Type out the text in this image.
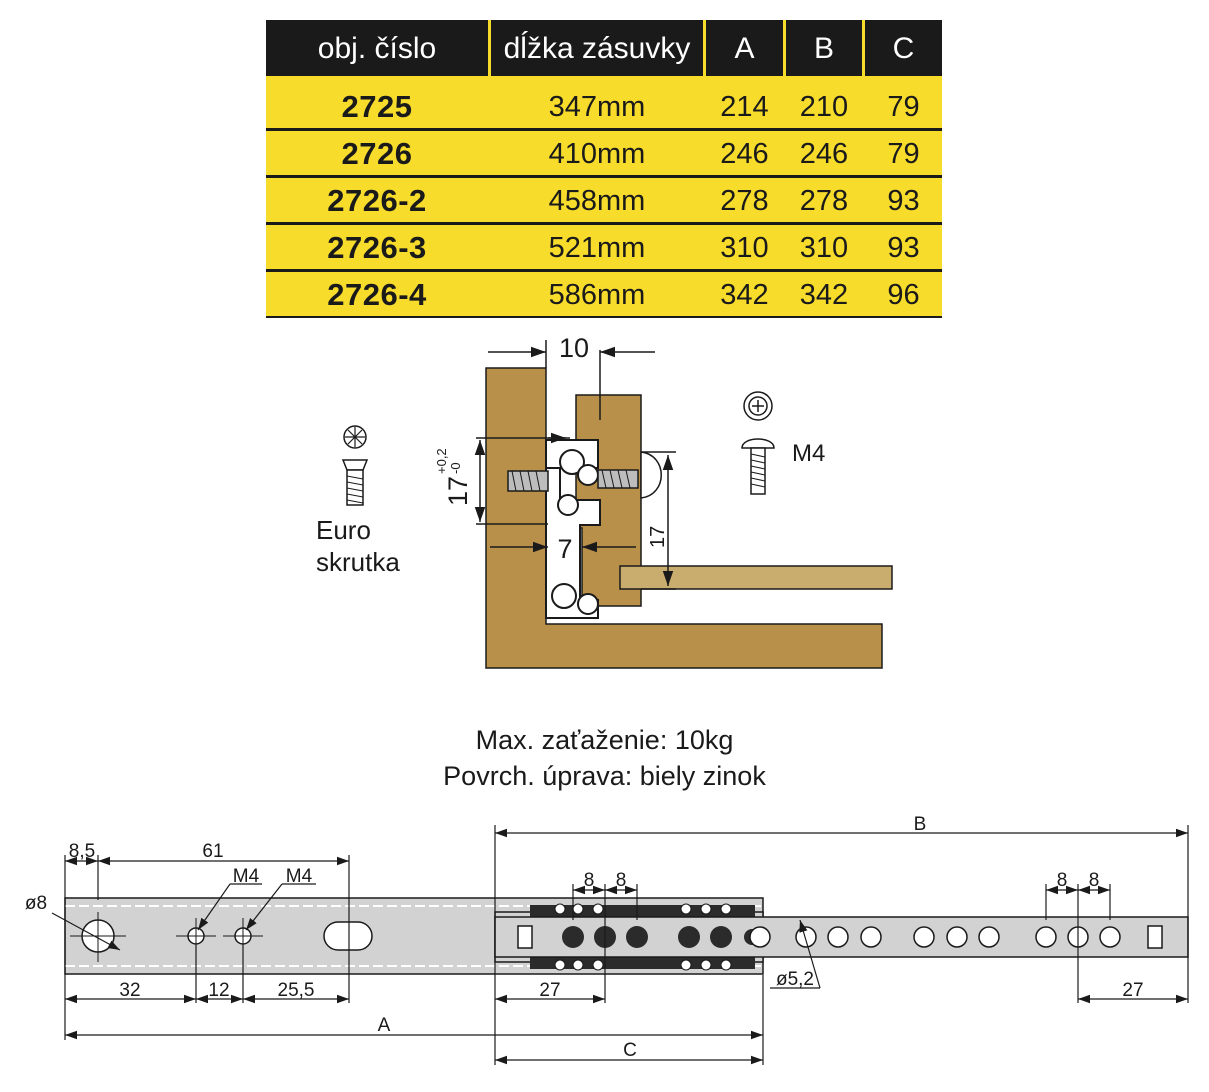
obj. číslo	dĺžka zásuvky	A	B	C
2725	347mm	214	210	79
2726	410mm	246	246	79
2726-2	458mm	278	278	93
2726-3	521mm	310	310	93
2726-4	586mm	342	342	96
10
17
+0,2 -0
7	17
8,5	61
M4 M4
ø8
32	12	25,5
A
B
C
27	27
8 8	8 8
ø5,2
M4
Euro
skrutka
Max. zaťaženie: 10kg
Povrch. úprava: biely zinok
